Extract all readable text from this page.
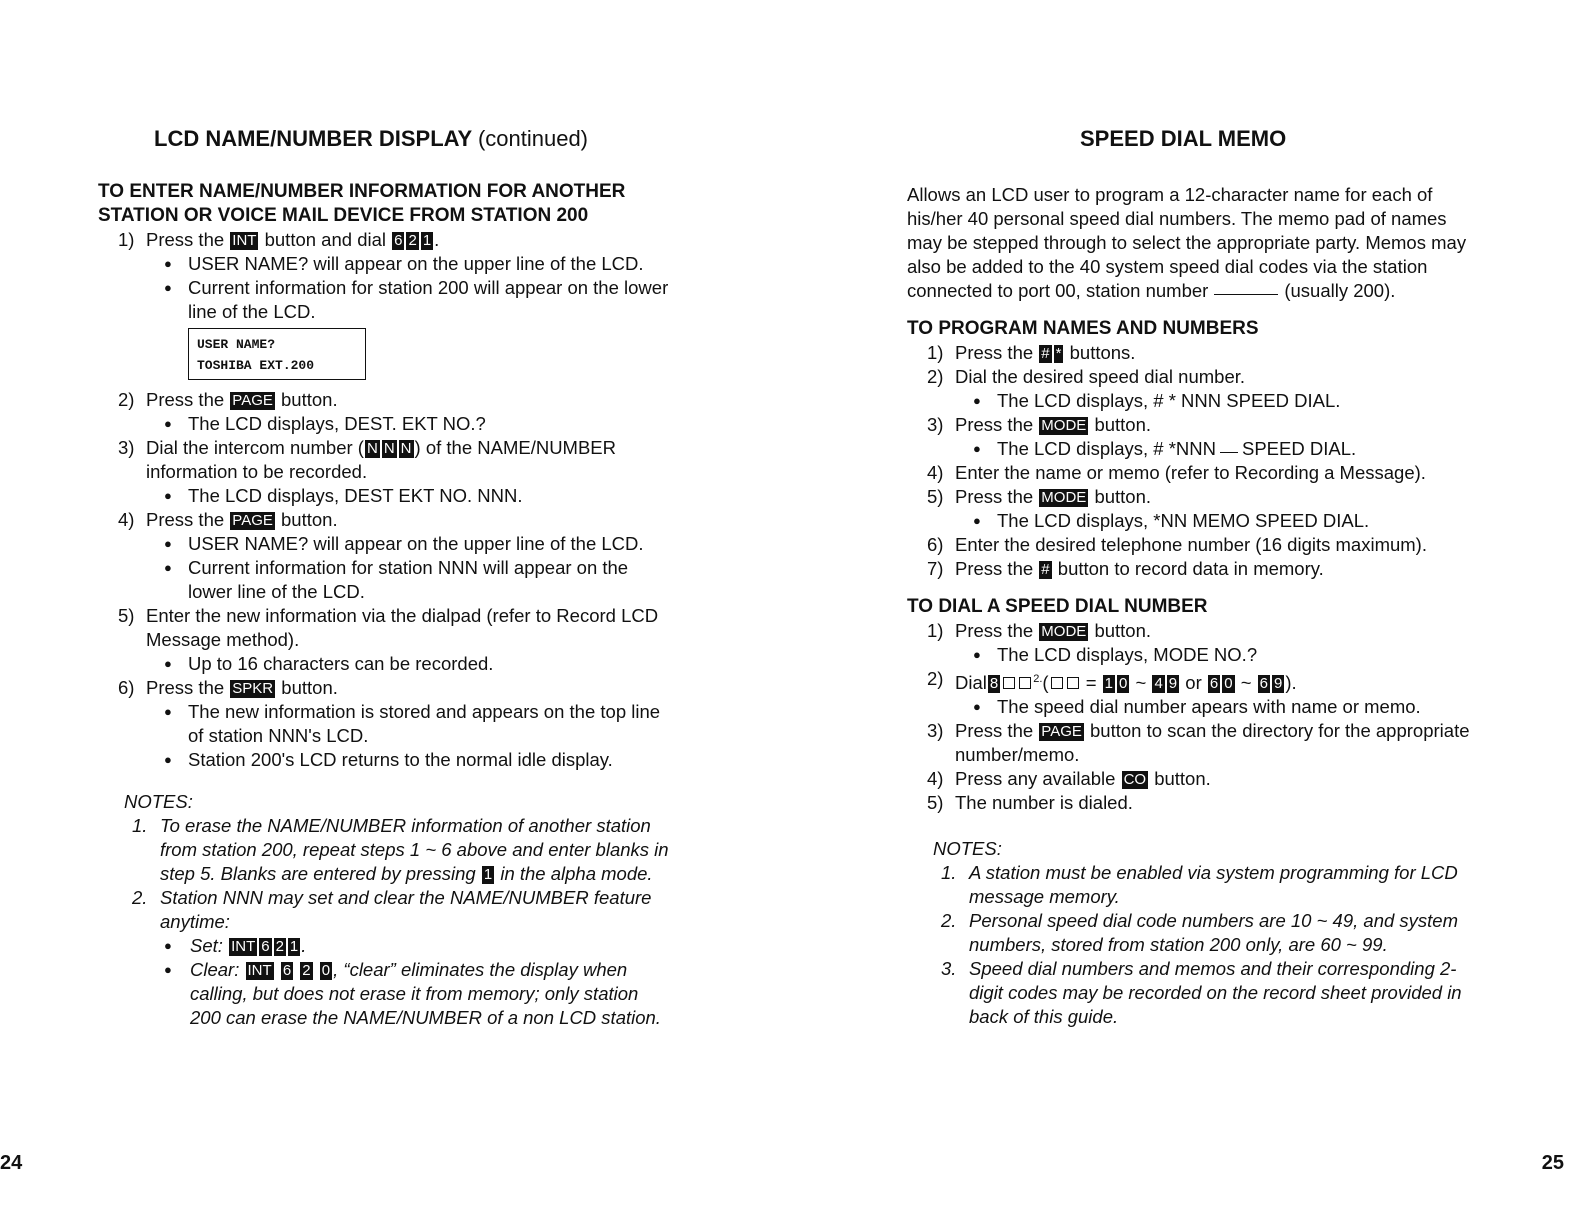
LCD NAME/NUMBER DISPLAY (continued)

TO ENTER NAME/NUMBER INFORMATION FOR ANOTHER STATION OR VOICE MAIL DEVICE FROM STATION 200

1) Press the INT button and dial 6 2 1 .
● USER NAME? will appear on the upper line of the LCD.
● Current information for station 200 will appear on the lower line of the LCD.
USER NAME?
TOSHIBA EXT.200
2) Press the PAGE button.
● The LCD displays, DEST. EKT NO.?
3) Dial the intercom number ( N N N ) of the NAME/NUMBER information to be recorded.
● The LCD displays, DEST EKT NO. NNN.
4) Press the PAGE button.
● USER NAME? will appear on the upper line of the LCD.
● Current information for station NNN will appear on the lower line of the LCD.
5) Enter the new information via the dialpad (refer to Record LCD Message method).
● Up to 16 characters can be recorded.
6) Press the SPKR button.
● The new information is stored and appears on the top line of station NNN's LCD.
● Station 200's LCD returns to the normal idle display.
NOTES:
1. To erase the NAME/NUMBER information of another station from station 200, repeat steps 1 ~ 6 above and enter blanks in step 5. Blanks are entered by pressing 1 in the alpha mode.
2. Station NNN may set and clear the NAME/NUMBER feature anytime:
● Set: INT 6 2 1 .
● Clear: INT 6 2 0 , “clear” eliminates the display when calling, but does not erase it from memory; only station 200 can erase the NAME/NUMBER of a non LCD station.
24
SPEED DIAL MEMO
Allows an LCD user to program a 12-character name for each of his/her 40 personal speed dial numbers. The memo pad of names may be stepped through to select the appropriate party. Memos may also be added to the 40 system speed dial codes via the station connected to port 00, station number	(usually 200).

TO PROGRAM NAMES AND NUMBERS

1) Press the # * buttons.
2) Dial the desired speed dial number.
● The LCD displays, # * NNN SPEED DIAL.
3) Press the MODE button.
● The LCD displays, # *NNN SPEED DIAL.
4) Enter the name or memo (refer to Recording a Message).
5) Press the MODE button.
● The LCD displays, *NN MEMO SPEED DIAL.
6) Enter the desired telephone number (16 digits maximum).
7) Press the # button to record data in memory.

TO DIAL A SPEED DIAL NUMBER

1) Press the MODE button.
● The LCD displays, MODE NO.?
2) Dial 8	$^{2.}$( = 1 0 ~ 4 9 or 6 0 ~ 6 9 ).
● The speed dial number apears with name or memo.
3) Press the PAGE button to scan the directory for the appropriate number/memo.
4) Press any available CO button.
5) The number is dialed.
NOTES:
1. A station must be enabled via system programming for LCD message memory.
2. Personal speed dial code numbers are 10 ~ 49, and system numbers, stored from station 200 only, are 60 ~ 99.
3. Speed dial numbers and memos and their corresponding 2-digit codes may be recorded on the record sheet provided in back of this guide.
25
